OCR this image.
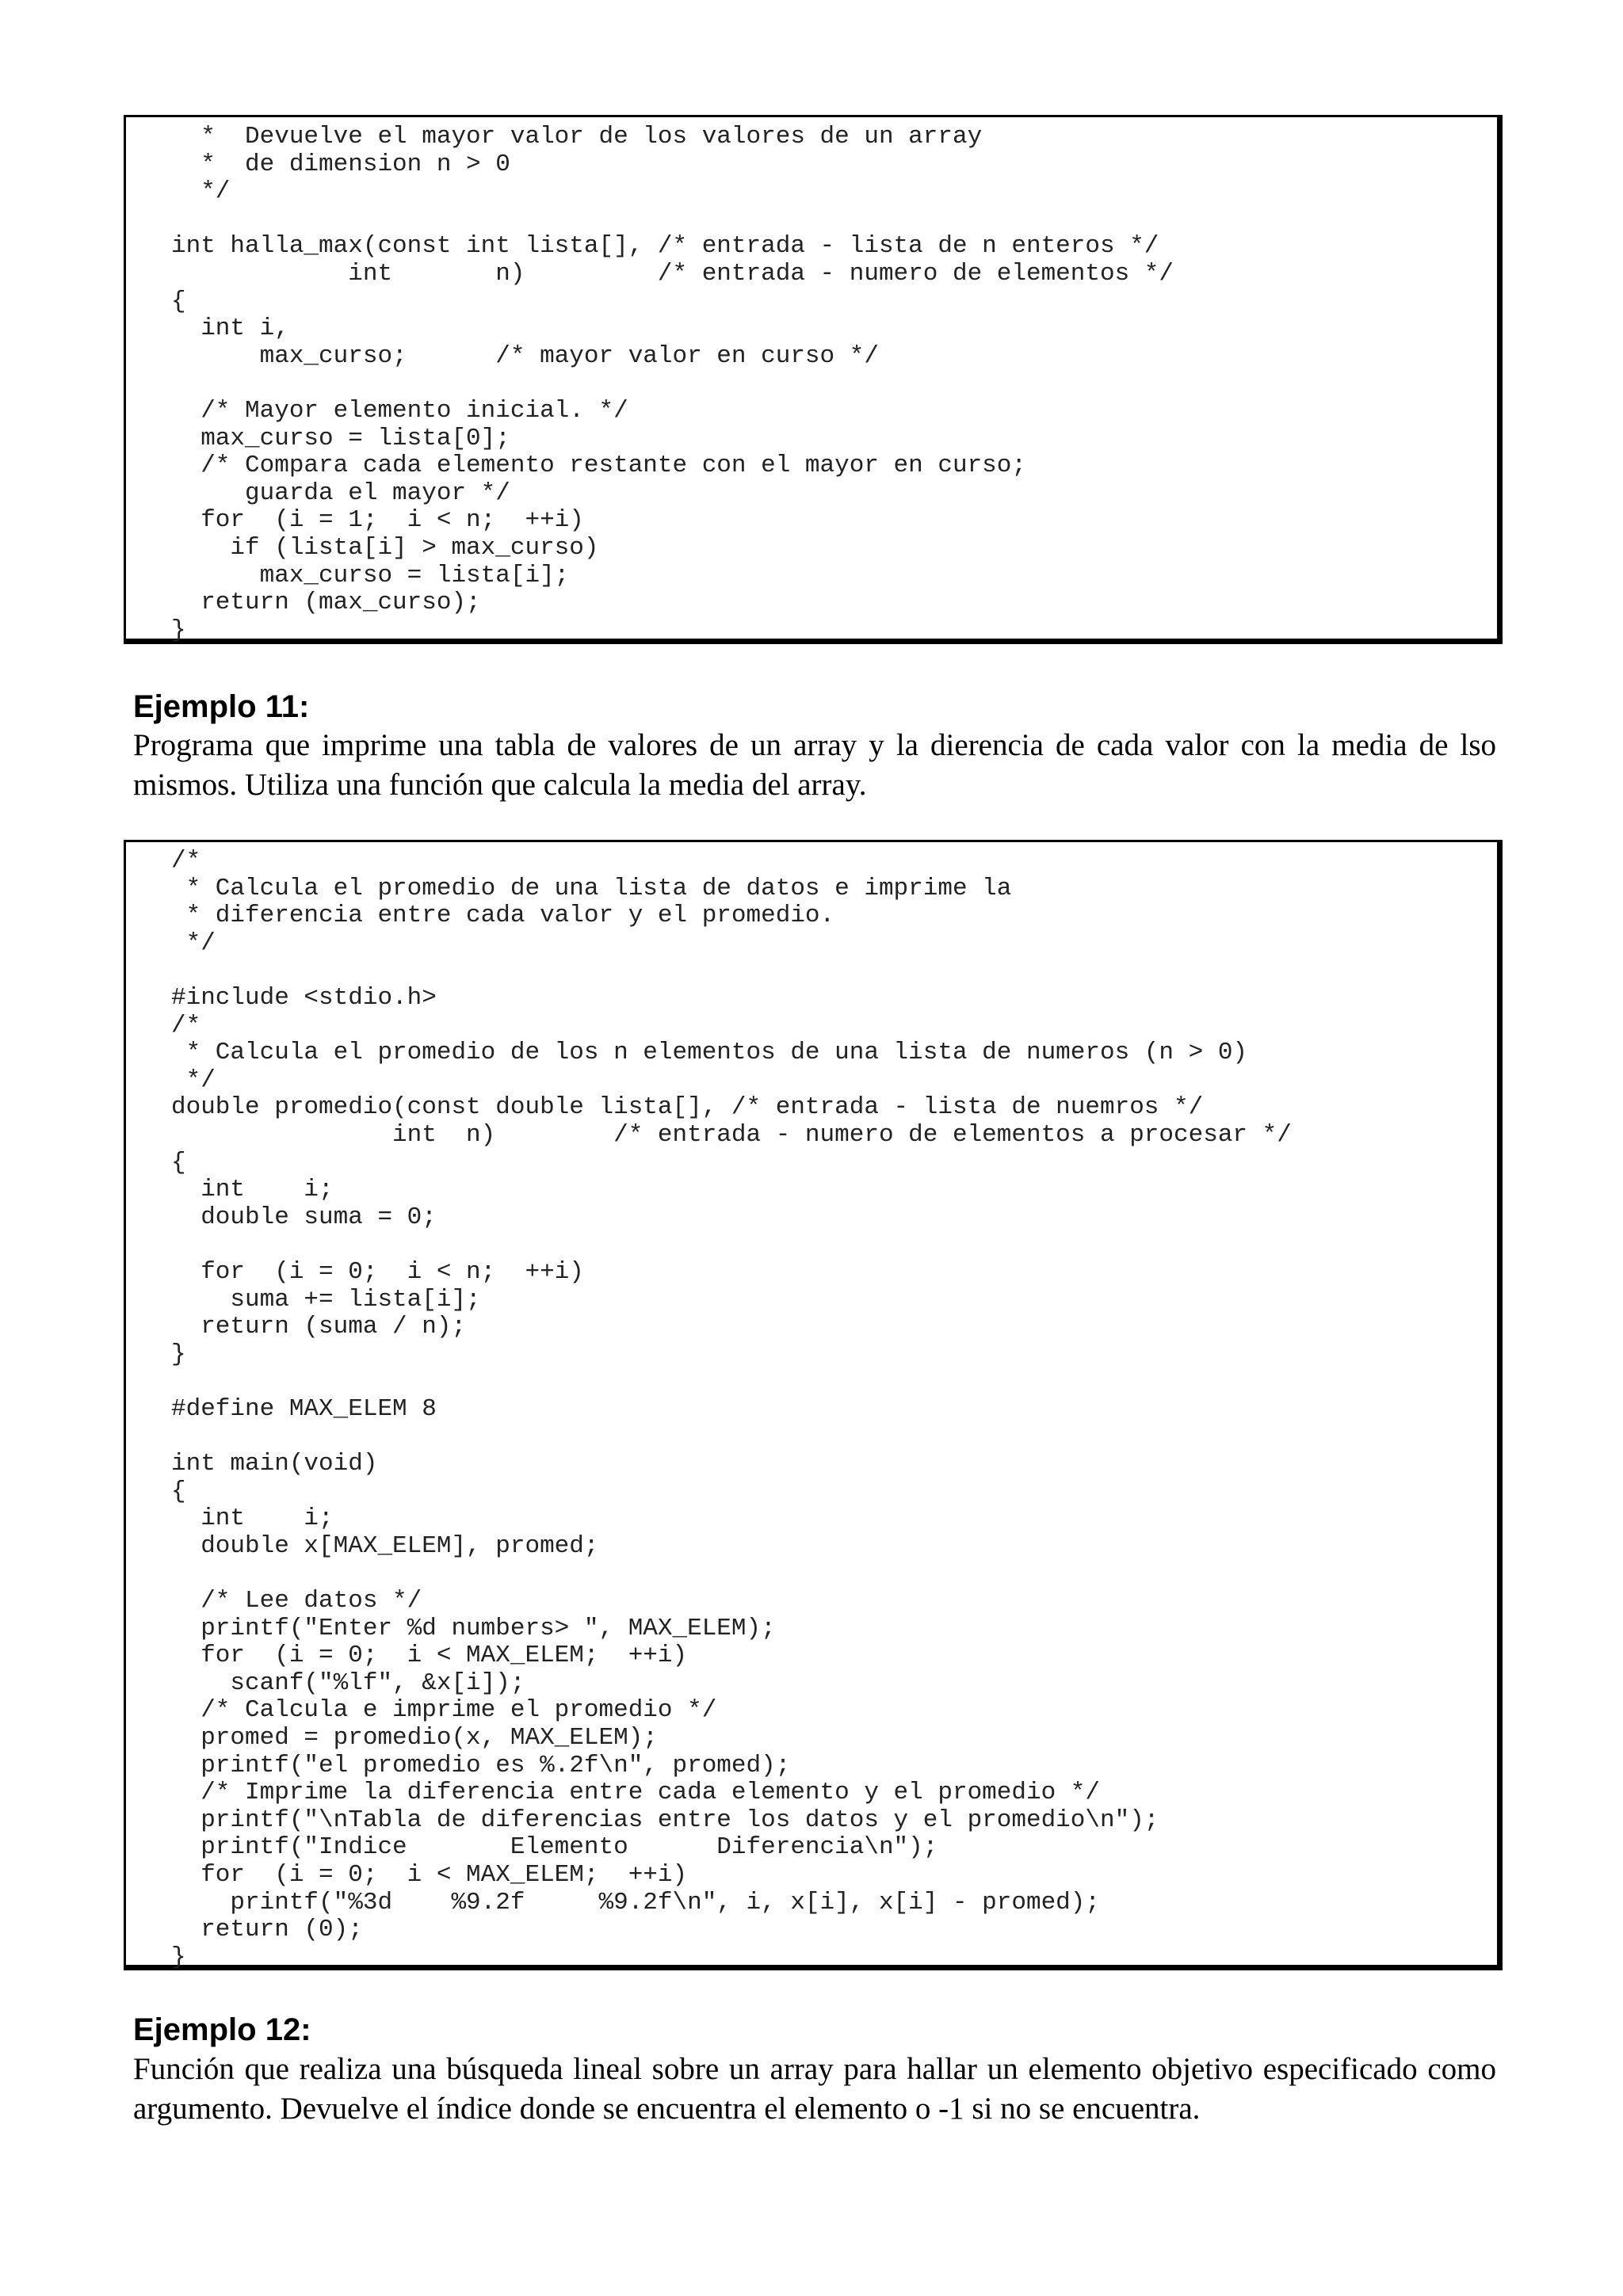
*  Devuelve el mayor valor de los valores de un array
*  de dimension n > 0
*/

int halla_max(const int lista[], /* entrada - lista de n enteros */
int       n)         /* entrada - numero de elementos */
{
int i,
max_curso;      /* mayor valor en curso */

/* Mayor elemento inicial. */
max_curso = lista[0];
/* Compara cada elemento restante con el mayor en curso;
guarda el mayor */
for  (i = 1;  i < n;  ++i)
if (lista[i] > max_curso)
max_curso = lista[i];
return (max_curso);
}
Ejemplo 11:

Programa que imprime una tabla de valores de un array y la dierencia de cada valor con la media de lso mismos. Utiliza una función que calcula la media del array.

/*
* Calcula el promedio de una lista de datos e imprime la
* diferencia entre cada valor y el promedio.
*/

#include <stdio.h>
/*
* Calcula el promedio de los n elementos de una lista de numeros (n > 0)
*/
double promedio(const double lista[], /* entrada - lista de nuemros */
int  n)        /* entrada - numero de elementos a procesar */
{
int    i;
double suma = 0;

for  (i = 0;  i < n;  ++i)
suma += lista[i];
return (suma / n);
}

#define MAX_ELEM 8

int main(void)
{
int    i;
double x[MAX_ELEM], promed;

/* Lee datos */
printf("Enter %d numbers> ", MAX_ELEM);
for  (i = 0;  i < MAX_ELEM;  ++i)
scanf("%lf", &x[i]);
/* Calcula e imprime el promedio */
promed = promedio(x, MAX_ELEM);
printf("el promedio es %.2f\n", promed);
/* Imprime la diferencia entre cada elemento y el promedio */
printf("\nTabla de diferencias entre los datos y el promedio\n");
printf("Indice       Elemento      Diferencia\n");
for  (i = 0;  i < MAX_ELEM;  ++i)
printf("%3d    %9.2f     %9.2f\n", i, x[i], x[i] - promed);
return (0);
}
Ejemplo 12:

Función que realiza una búsqueda lineal sobre un array para hallar un elemento objetivo especificado como argumento. Devuelve el índice donde se encuentra el elemento o -1 si no se encuentra.
